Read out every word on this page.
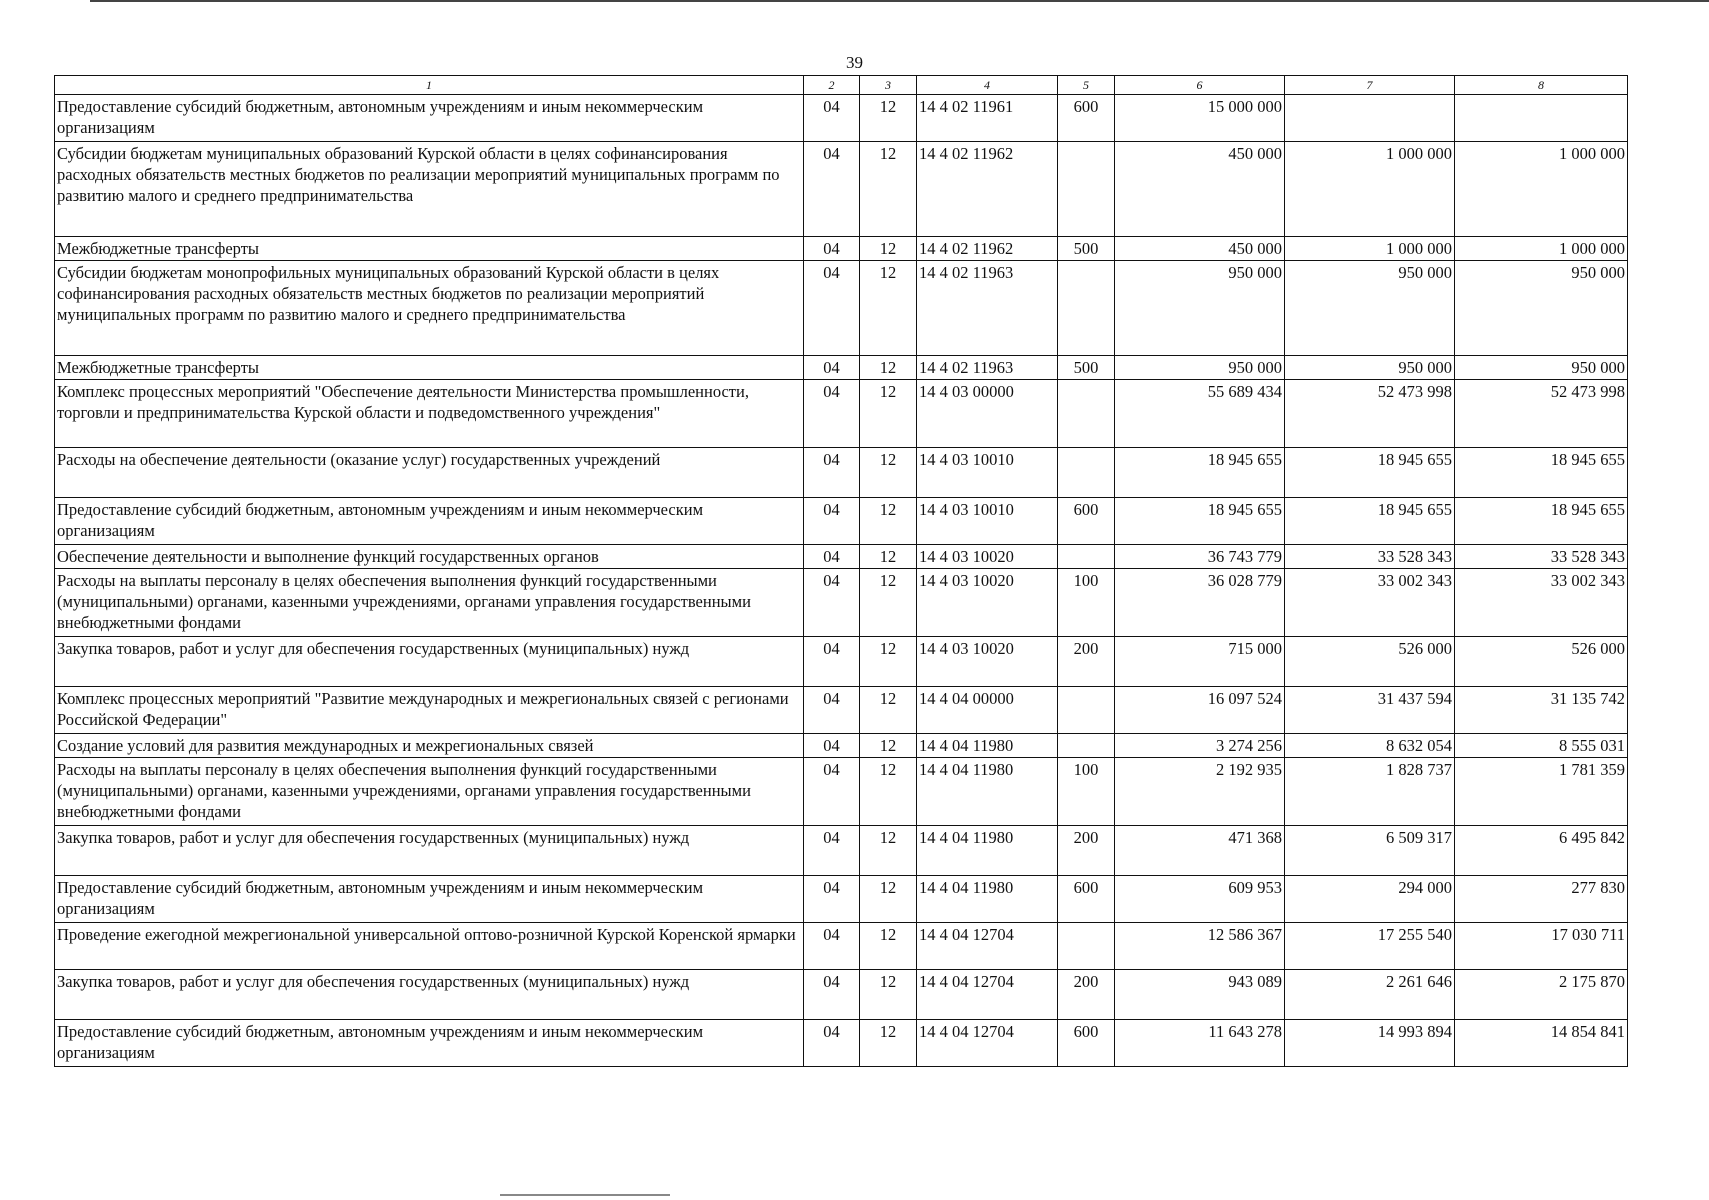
39
1	2	3	4	5	6	7	8
Предоставление субсидий бюджетным, автономным учреждениям и иным некоммерческим организациям	04	12	14 4 02 11961	600	15 000 000		
Субсидии бюджетам муниципальных образований Курской области в целях софинансирования расходных обязательств местных бюджетов по реализации мероприятий муниципальных программ по развитию малого и среднего предпринимательства	04	12	14 4 02 11962		450 000	1 000 000	1 000 000
Межбюджетные трансферты	04	12	14 4 02 11962	500	450 000	1 000 000	1 000 000
Субсидии бюджетам монопрофильных муниципальных образований Курской области в целях софинансирования расходных обязательств местных бюджетов по реализации мероприятий муниципальных программ по развитию малого и среднего предпринимательства	04	12	14 4 02 11963		950 000	950 000	950 000
Межбюджетные трансферты	04	12	14 4 02 11963	500	950 000	950 000	950 000
Комплекс процессных мероприятий "Обеспечение деятельности Министерства промышленности, торговли и предпринимательства Курской области и подведомственного учреждения"	04	12	14 4 03 00000		55 689 434	52 473 998	52 473 998
Расходы на обеспечение деятельности (оказание услуг) государственных учреждений	04	12	14 4 03 10010		18 945 655	18 945 655	18 945 655
Предоставление субсидий бюджетным, автономным учреждениям и иным некоммерческим организациям	04	12	14 4 03 10010	600	18 945 655	18 945 655	18 945 655
Обеспечение деятельности и выполнение функций государственных органов	04	12	14 4 03 10020		36 743 779	33 528 343	33 528 343
Расходы на выплаты персоналу в целях обеспечения выполнения функций государственными (муниципальными) органами, казенными учреждениями, органами управления государственными внебюджетными фондами	04	12	14 4 03 10020	100	36 028 779	33 002 343	33 002 343
Закупка товаров, работ и услуг для обеспечения государственных (муниципальных) нужд	04	12	14 4 03 10020	200	715 000	526 000	526 000
Комплекс процессных мероприятий "Развитие международных и межрегиональных связей с регионами Российской Федерации"	04	12	14 4 04 00000		16 097 524	31 437 594	31 135 742
Создание условий для развития международных и межрегиональных связей	04	12	14 4 04 11980		3 274 256	8 632 054	8 555 031
Расходы на выплаты персоналу в целях обеспечения выполнения функций государственными (муниципальными) органами, казенными учреждениями, органами управления государственными внебюджетными фондами	04	12	14 4 04 11980	100	2 192 935	1 828 737	1 781 359
Закупка товаров, работ и услуг для обеспечения государственных (муниципальных) нужд	04	12	14 4 04 11980	200	471 368	6 509 317	6 495 842
Предоставление субсидий бюджетным, автономным учреждениям и иным некоммерческим организациям	04	12	14 4 04 11980	600	609 953	294 000	277 830
Проведение ежегодной межрегиональной универсальной оптово-розничной Курской Коренской ярмарки	04	12	14 4 04 12704		12 586 367	17 255 540	17 030 711
Закупка товаров, работ и услуг для обеспечения государственных (муниципальных) нужд	04	12	14 4 04 12704	200	943 089	2 261 646	2 175 870
Предоставление субсидий бюджетным, автономным учреждениям и иным некоммерческим организациям	04	12	14 4 04 12704	600	11 643 278	14 993 894	14 854 841
